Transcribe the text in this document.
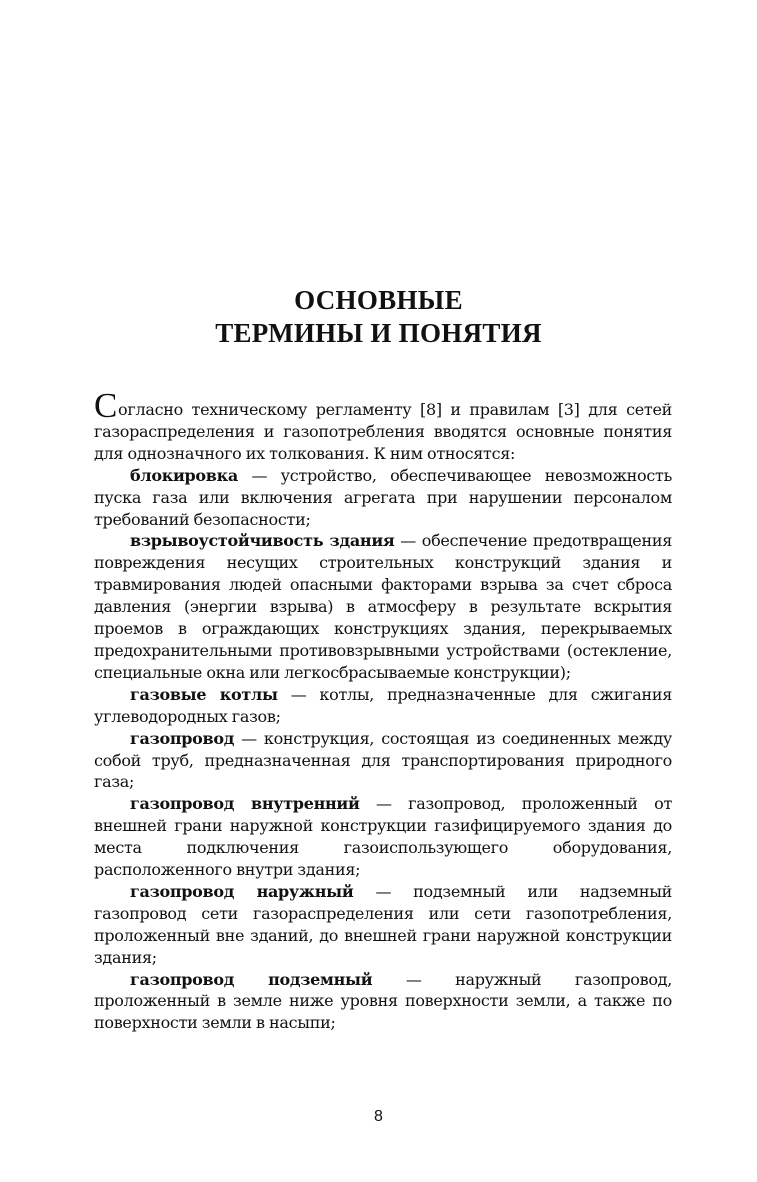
ОСНОВНЫЕ
ТЕРМИНЫ И ПОНЯТИЯ

Согласно техническому регламенту [8] и правилам [3] для сетей газораспределения и газопотребления вводятся основные понятия для однозначного их толкования. К ним относятся:

блокировка — устройство, обеспечивающее невозможность пуска газа или включения агрегата при нарушении персоналом требований безопасности;

взрывоустойчивость здания — обеспечение предотвращения повреждения несущих строительных конструкций здания и травмирования людей опасными факторами взрыва за счет сброса давления (энергии взрыва) в атмосферу в результате вскрытия проемов в ограждающих конструкциях здания, перекрываемых предохранительными противовзрывными устройствами (остекление, специальные окна или легкосбрасываемые конструкции);

газовые котлы — котлы, предназначенные для сжигания углеводородных газов;

газопровод — конструкция, состоящая из соединенных между собой труб, предназначенная для транспортирования природного газа;

газопровод внутренний — газопровод, проложенный от внешней грани наружной конструкции газифицируемого здания до места подключения газоиспользующего оборудования, расположенного внутри здания;

газопровод наружный — подземный или надземный газопровод сети газораспределения или сети газопотребления, проложенный вне зданий, до внешней грани наружной конструкции здания;

газопровод подземный — наружный газопровод, проложенный в земле ниже уровня поверхности земли, а также по поверхности земли в насыпи;

8
